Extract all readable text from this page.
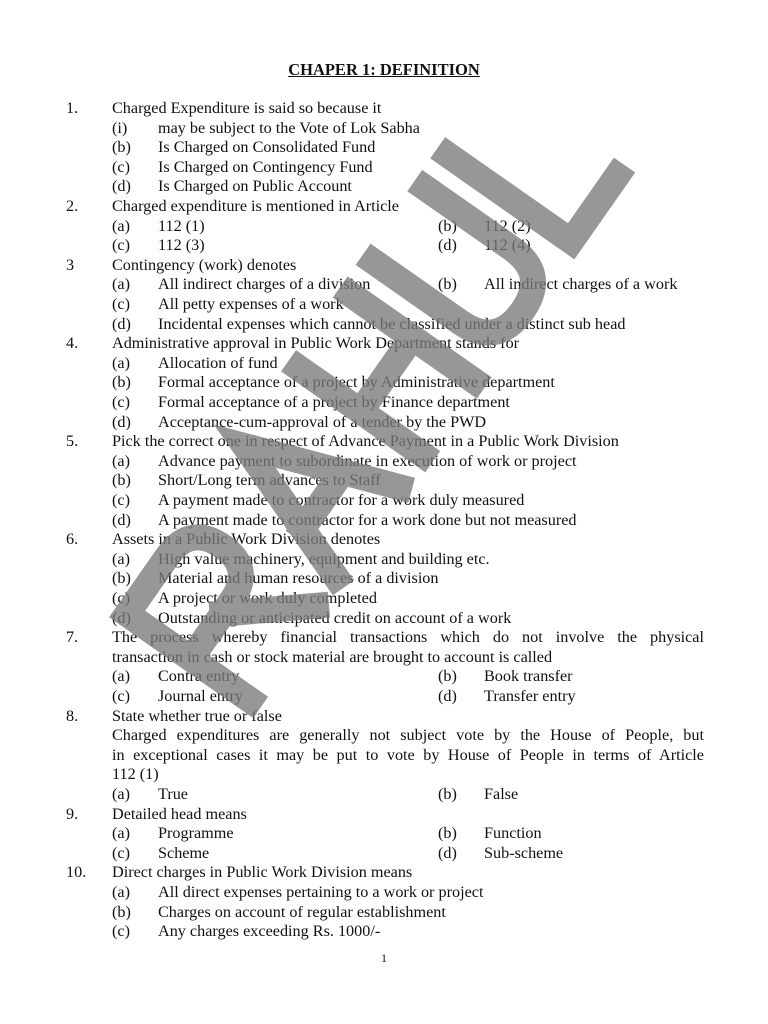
CHAPER 1: DEFINITION
1. Charged Expenditure is said so because it
(i) may be subject to the Vote of Lok Sabha
(b) Is Charged on Consolidated Fund
(c) Is Charged on Contingency Fund
(d) Is Charged on Public Account
2. Charged expenditure is mentioned in Article
(a) 112 (1)	(b) 112 (2)
(c) 112 (3)	(d) 112 (4)
3 Contingency (work) denotes
(a) All indirect charges of a division	(b) All indirect charges of a work
(c) All petty expenses of a work
(d) Incidental expenses which cannot be classified under a distinct sub head
4. Administrative approval in Public Work Department stands for
(a) Allocation of fund
(b) Formal acceptance of a project by Administrative department
(c) Formal acceptance of a project by Finance department
(d) Acceptance-cum-approval of a tender by the PWD
5. Pick the correct one in respect of Advance Payment in a Public Work Division
(a) Advance payment to subordinate in execution of work or project
(b) Short/Long term advances to Staff
(c) A payment made to contractor for a work duly measured
(d) A payment made to contractor for a work done but not measured
6. Assets in a Public Work Division denotes
(a) High value machinery, equipment and building etc.
(b) Material and human resources of a division
(c) A project or work duly completed
(d) Outstanding or anticipated credit on account of a work
7. The process whereby financial transactions which do not involve the physical
transaction in cash or stock material are brought to account is called
(a) Contra entry	(b) Book transfer
(c) Journal entry	(d) Transfer entry
8. State whether true or false
Charged expenditures are generally not subject vote by the House of People, but
in exceptional cases it may be put to vote by House of People in terms of Article
112 (1)
(a) True	(b) False
9. Detailed head means
(a) Programme	(b) Function
(c) Scheme	(d) Sub-scheme
10. Direct charges in Public Work Division means
(a) All direct expenses pertaining to a work or project
(b) Charges on account of regular establishment
(c) Any charges exceeding Rs. 1000/-
1
